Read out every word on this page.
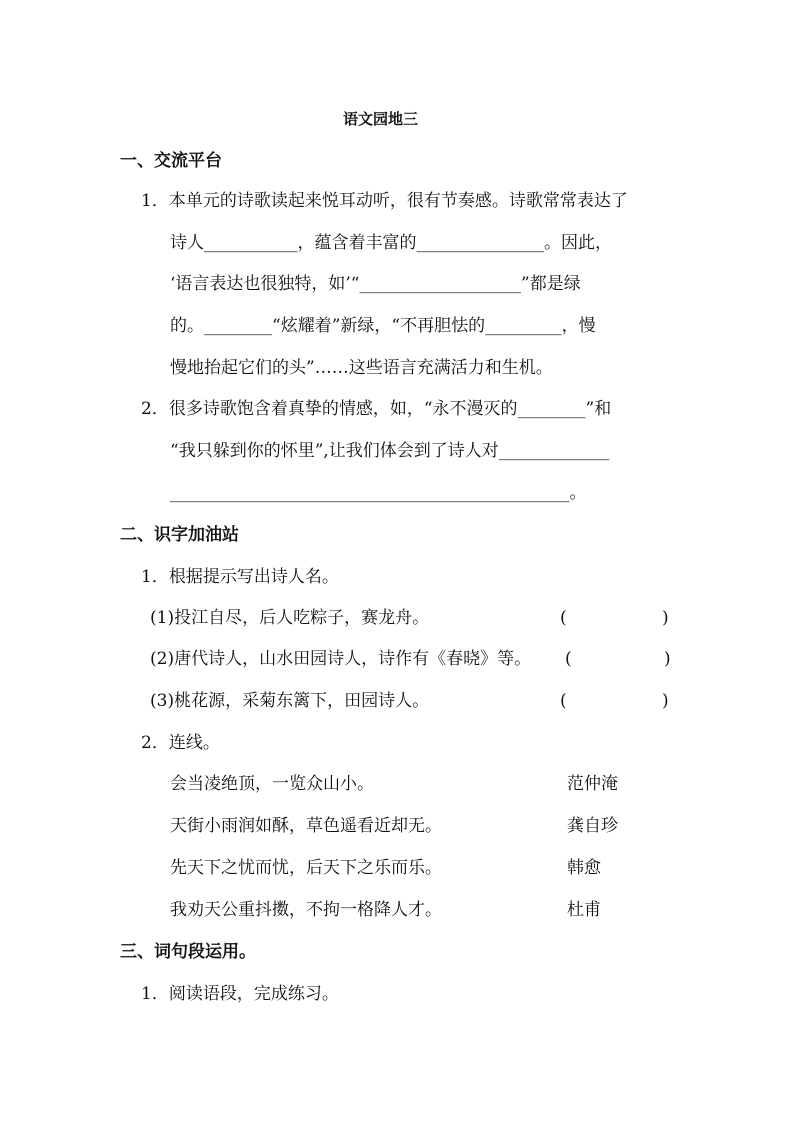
语文园地三
一、交流平台
1．本单元的诗歌读起来悦耳动听，很有节奏感。诗歌常常表达了
诗人___________，蕴含着丰富的_______________。因此，
‘语言表达也很独特，如’“___________________”都是绿
的。________“炫耀着”新绿，“不再胆怯的_________，慢
慢地抬起它们的头”……这些语言充满活力和生机。
2．很多诗歌饱含着真挚的情感，如，“永不漫灭的________”和
“我只躲到你的怀里”,让我们体会到了诗人对_____________
_______________________________________________。
二、识字加油站
1．根据提示写出诗人名。
(1)投江自尽，后人吃粽子，赛龙舟。	(	)
(2)唐代诗人，山水田园诗人，诗作有《春晓》等。 (	)
(3)桃花源，采菊东篱下，田园诗人。	(	)
2．连线。
会当凌绝顶，一览众山小。	范仲淹
天街小雨润如酥，草色遥看近却无。	龚自珍
先天下之忧而忧，后天下之乐而乐。	韩愈
我劝天公重抖擞，不拘一格降人才。	杜甫
三、词句段运用。
1．阅读语段，完成练习。
